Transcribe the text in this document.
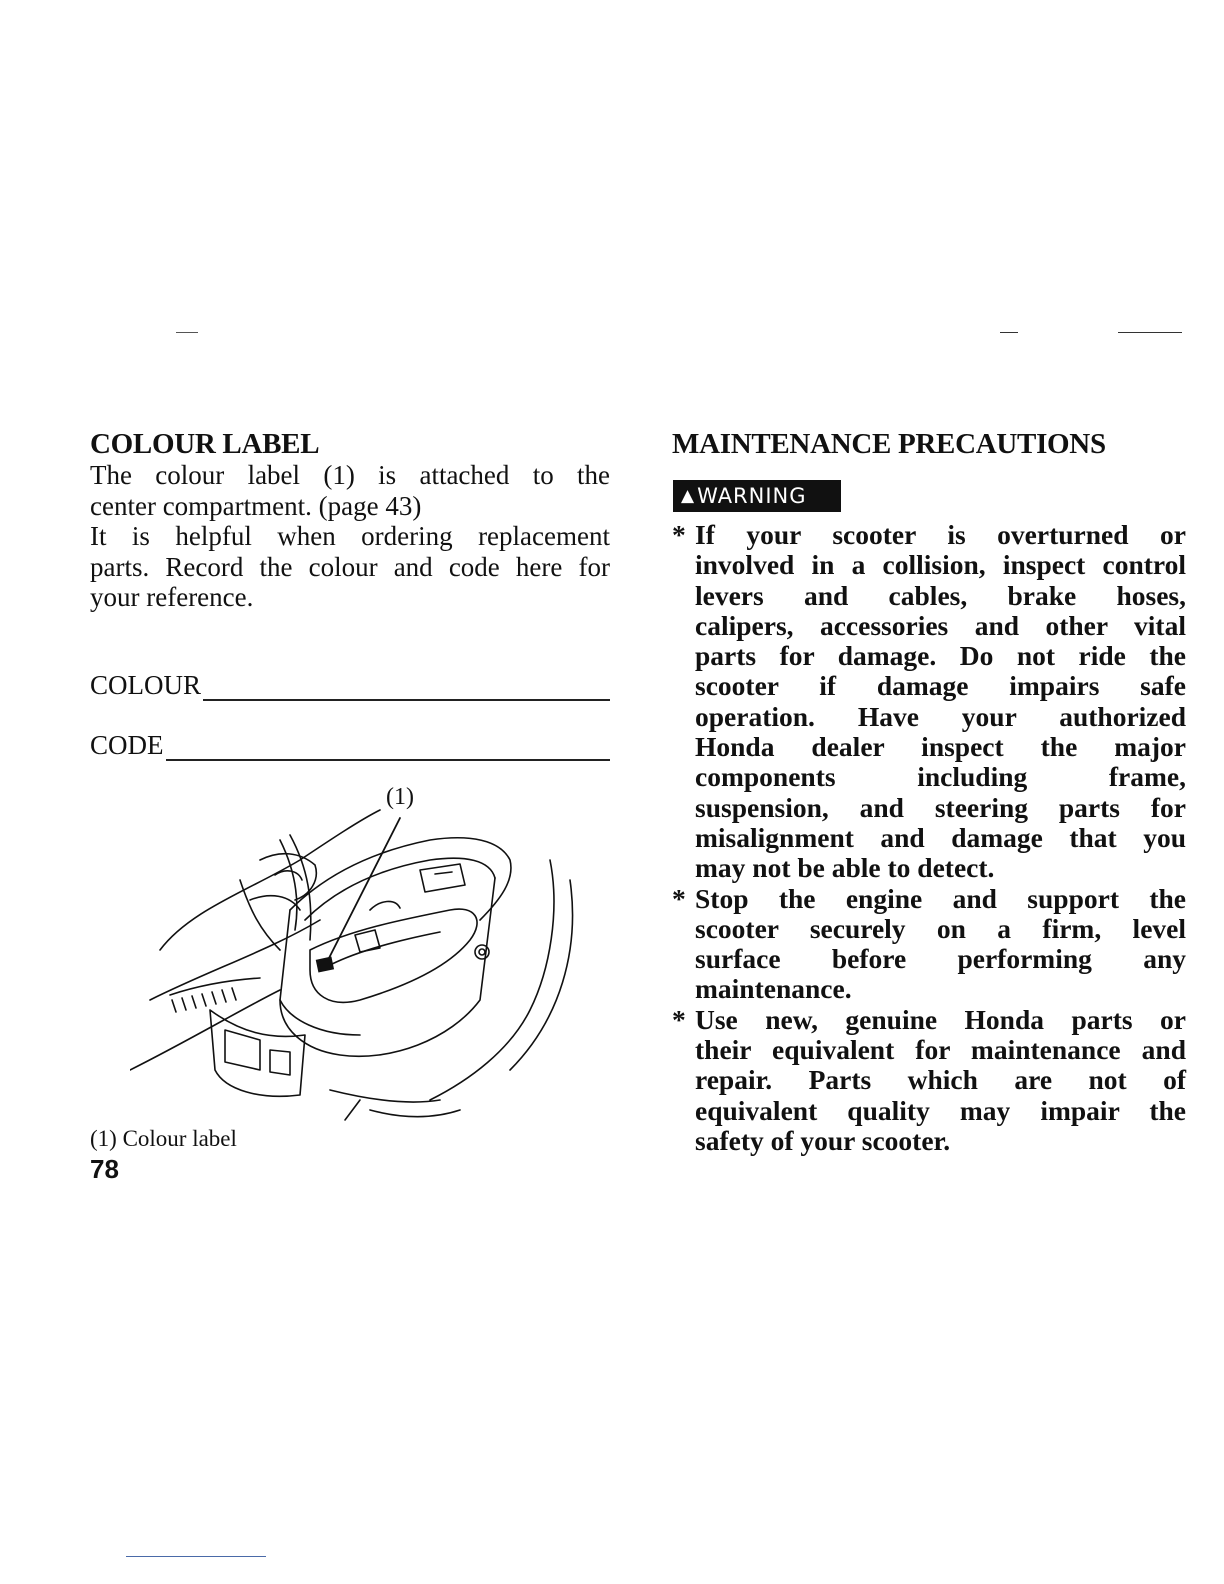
COLOUR LABEL

The colour label (1) is attached to the
center compartment. (page 43)
It is helpful when ordering replacement
parts. Record the colour and code here for
your reference.

COLOUR
CODE
(1)
(1) Colour label
78
MAINTENANCE PRECAUTIONS
▲ WARNING
* If your scooter is overturned or
involved in a collision, inspect control
levers and cables, brake hoses,
calipers, accessories and other vital
parts for damage. Do not ride the
scooter if damage impairs safe
operation. Have your authorized
Honda dealer inspect the major
components including frame,
suspension, and steering parts for
misalignment and damage that you
may not be able to detect.
* Stop the engine and support the
scooter securely on a firm, level
surface before performing any
maintenance.
* Use new, genuine Honda parts or
their equivalent for maintenance and
repair. Parts which are not of
equivalent quality may impair the
safety of your scooter.
